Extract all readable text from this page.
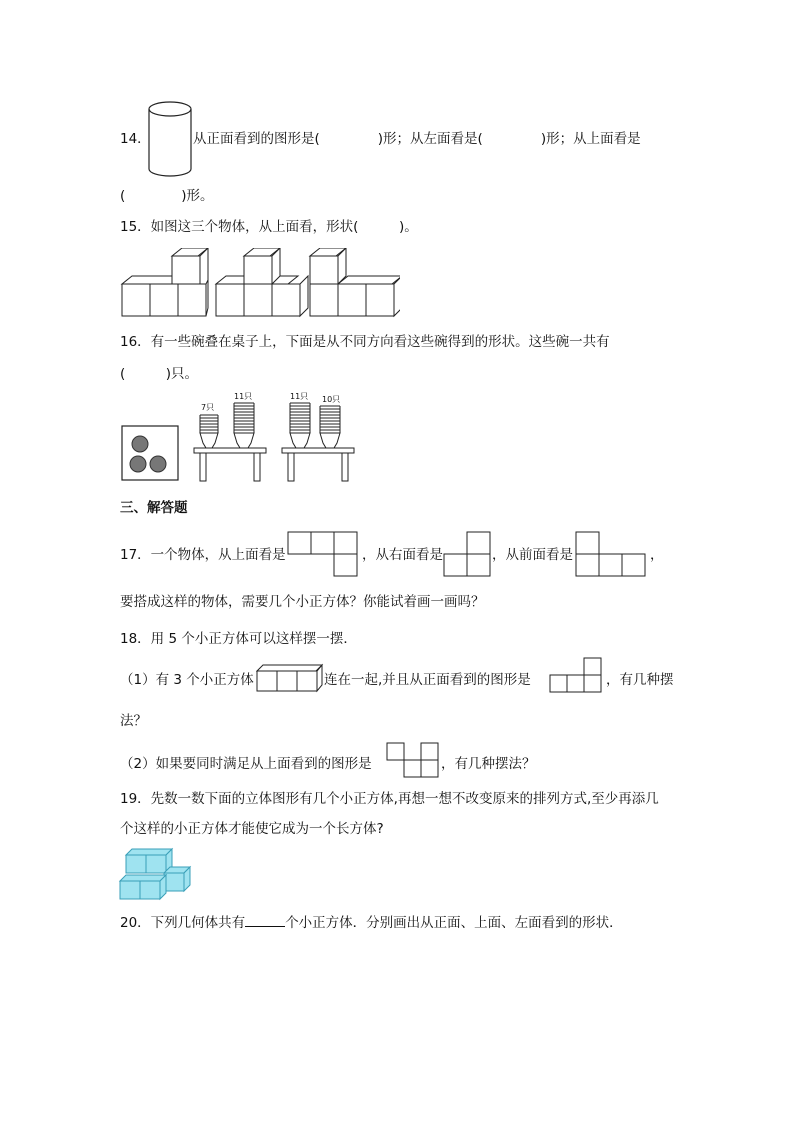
14．	从正面看到的图形是(	)形；从左面看是(	)形；从上面看是
(	)形。
15．如图这三个物体，从上面看，形状(　　　)。
16．有一些碗叠在桌子上，下面是从不同方向看这些碗得到的形状。这些碗一共有
(　　　)只。
7只
11只	11只 10只
三、解答题
17．一个物体，从上面看是	，从右面看是	，从前面看是	，
要搭成这样的物体，需要几个小正方体？你能试着画一画吗？
18．用 5 个小正方体可以这样摆一摆．
（1）有 3 个小正方体	连在一起,并且从正面看到的图形是	，有几种摆
法？
（2）如果要同时满足从上面看到的图形是	，有几种摆法？
19．先数一数下面的立体图形有几个小正方体,再想一想不改变原来的排列方式,至少再添几
个这样的小正方体才能使它成为一个长方体?
20．下列几何体共有	个小正方体．分别画出从正面、上面、左面看到的形状．
